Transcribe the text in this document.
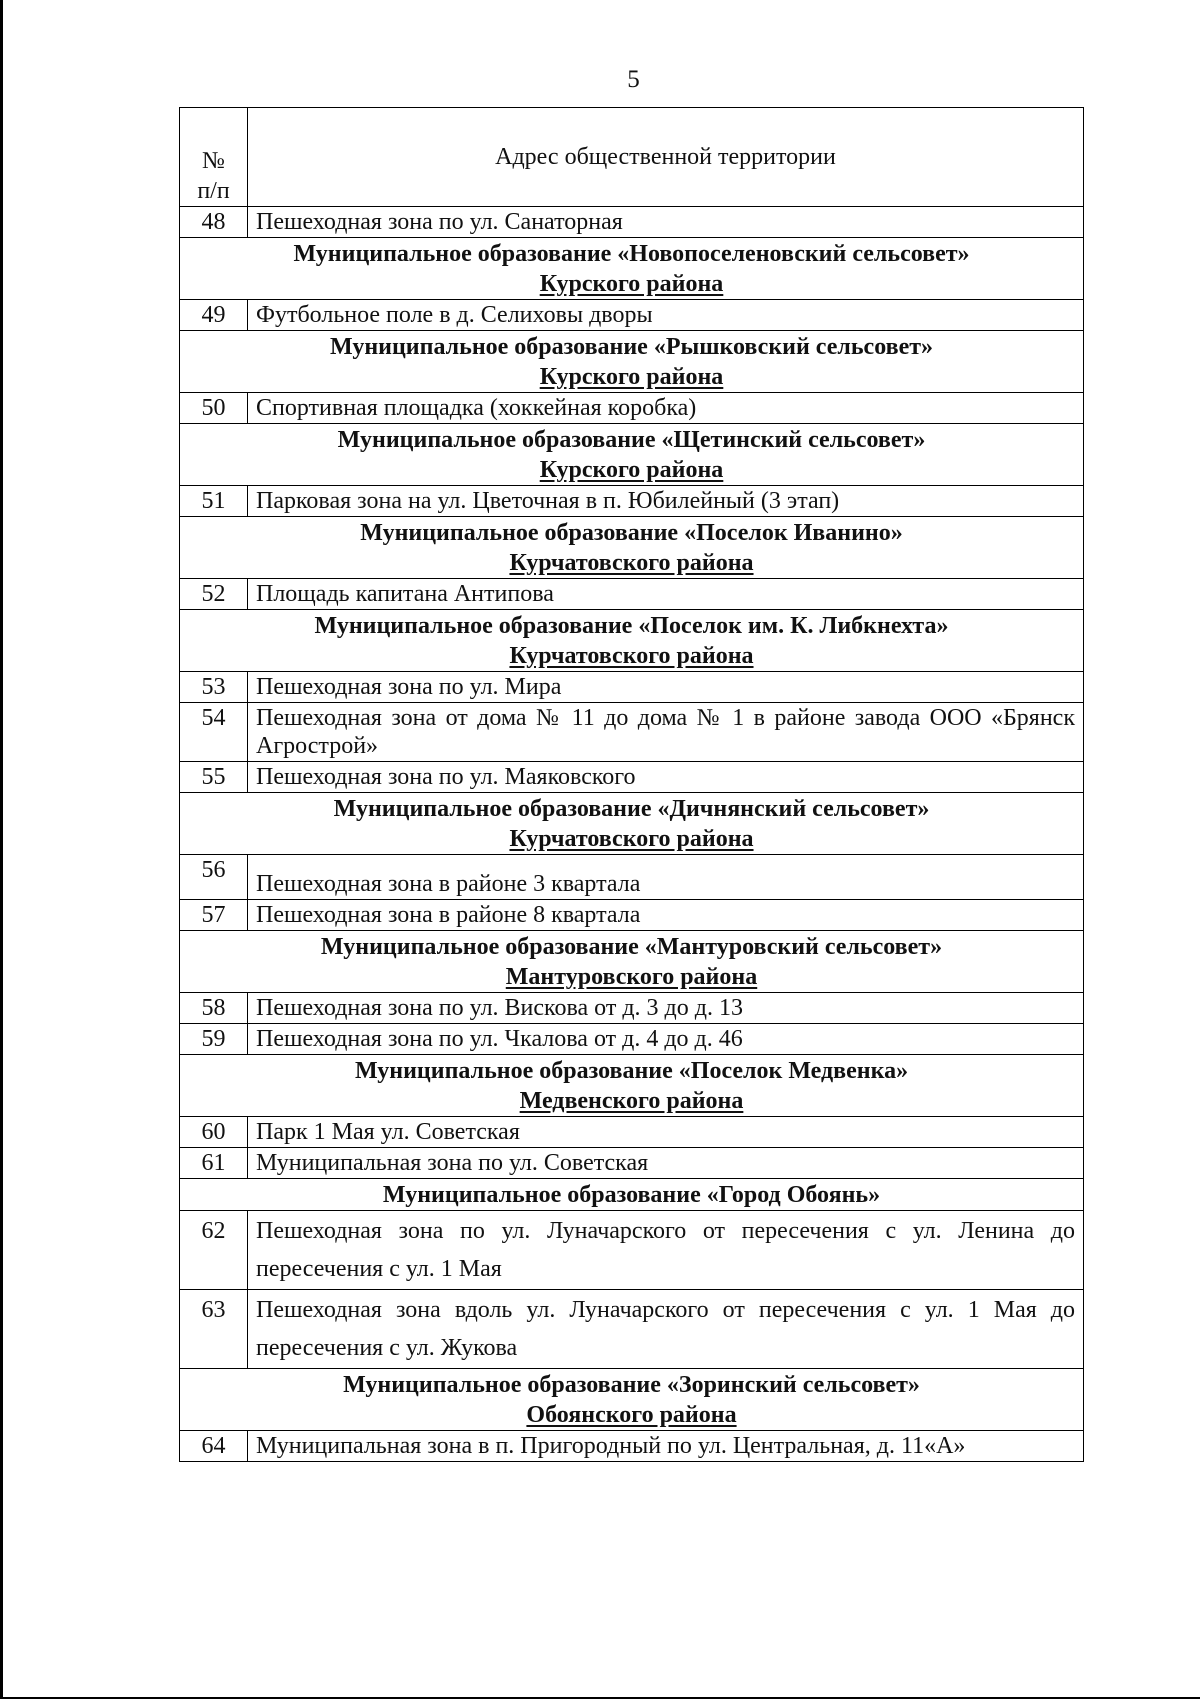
5
№
п/п	Адрес общественной территории
48	Пешеходная зона по ул. Санаторная

Муниципальное образование «Новопоселеновский сельсовет»
Курского района	

49	Футбольное поле в д. Селиховы дворы

Муниципальное образование «Рышковский сельсовет»
Курского района	

50	Спортивная площадка (хоккейная коробка)

Муниципальное образование «Щетинский сельсовет»
Курского района	

51	Парковая зона на ул. Цветочная в п. Юбилейный (3 этап)

Муниципальное образование «Поселок Иванино»
Курчатовского района	

52	Площадь капитана Антипова

Муниципальное образование «Поселок им. К. Либкнехта»
Курчатовского района	

53	Пешеходная зона по ул. Мира
54	Пешеходная зона от дома № 11 до дома № 1 в районе завода ООО «Брянск Агрострой»
55	Пешеходная зона по ул. Маяковского

Муниципальное образование «Дичнянский сельсовет»
Курчатовского района	

56	Пешеходная зона в районе 3 квартала
57	Пешеходная зона в районе 8 квартала

Муниципальное образование «Мантуровский сельсовет»
Мантуровского района	

58	Пешеходная зона по ул. Вискова от д. 3 до д. 13
59	Пешеходная зона по ул. Чкалова от д. 4 до д. 46

Муниципальное образование «Поселок Медвенка»
Медвенского района	

60	Парк 1 Мая ул. Советская
61	Муниципальная зона по ул. Советская

Муниципальное образование «Город Обоянь»	

62	Пешеходная зона по ул. Луначарского от пересечения с ул. Ленина до пересечения с ул. 1 Мая
63	Пешеходная зона вдоль ул. Луначарского от пересечения с ул. 1 Мая до пересечения с ул. Жукова

Муниципальное образование «Зоринский сельсовет»
Обоянского района	

64	Муниципальная зона в п. Пригородный по ул. Центральная, д. 11«А»
